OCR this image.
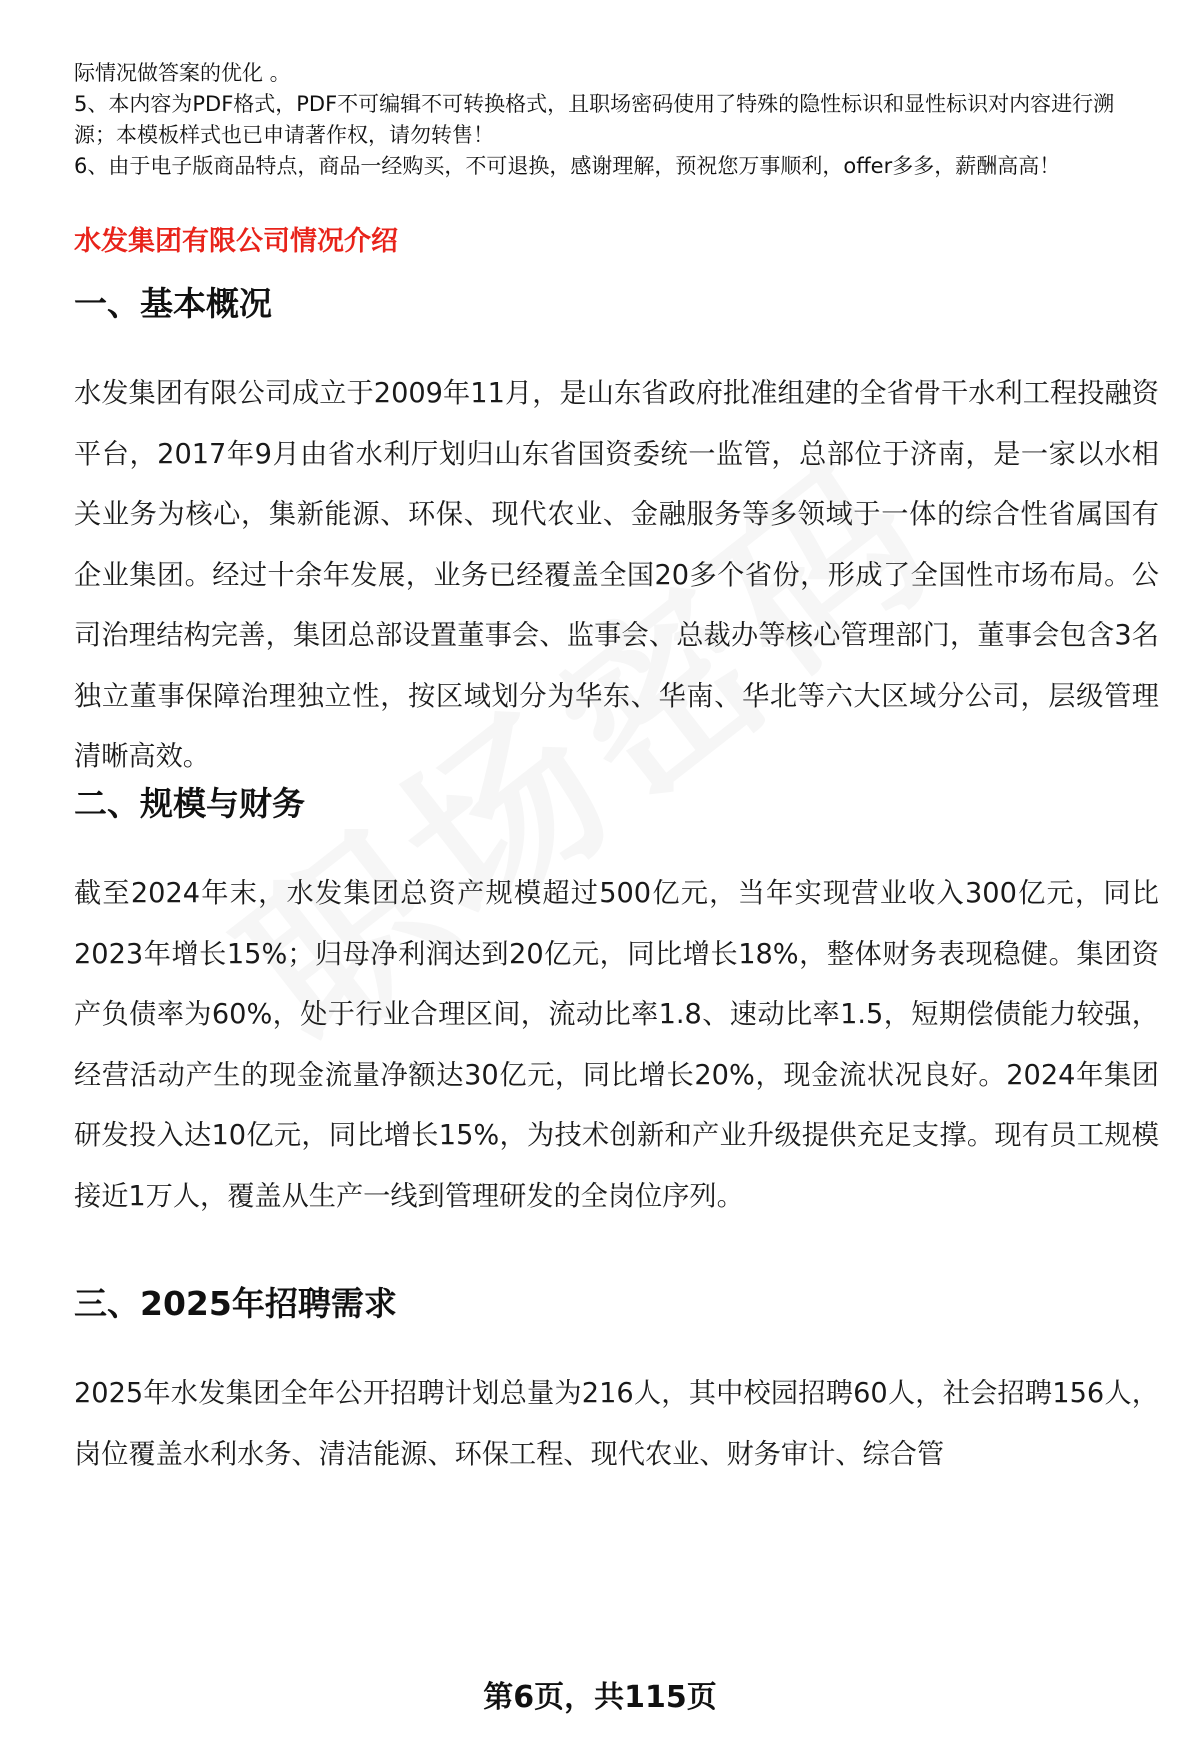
际情况做答案的优化 。

5、本内容为PDF格式，PDF不可编辑不可转换格式，且职场密码使用了特殊的隐性标识和显性标识对内容进行溯源；本模板样式也已申请著作权，请勿转售！

6、由于电子版商品特点，商品一经购买，不可退换，感谢理解，预祝您万事顺利，offer多多，薪酬高高！

水发集团有限公司情况介绍
一、基本概况

水发集团有限公司成立于2009年11月，是山东省政府批准组建的全省骨干水利工程投融资平台，2017年9月由省水利厅划归山东省国资委统一监管，总部位于济南，是一家以水相关业务为核心，集新能源、环保、现代农业、金融服务等多领域于一体的综合性省属国有企业集团。经过十余年发展，业务已经覆盖全国20多个省份，形成了全国性市场布局。公司治理结构完善，集团总部设置董事会、监事会、总裁办等核心管理部门，董事会包含3名独立董事保障治理独立性，按区域划分为华东、华南、华北等六大区域分公司，层级管理清晰高效。

二、规模与财务

截至2024年末，水发集团总资产规模超过500亿元，当年实现营业收入300亿元，同比2023年增长15%；归母净利润达到20亿元，同比增长18%，整体财务表现稳健。集团资产负债率为60%，处于行业合理区间，流动比率1.8、速动比率1.5，短期偿债能力较强，经营活动产生的现金流量净额达30亿元，同比增长20%，现金流状况良好。2024年集团研发投入达10亿元，同比增长15%，为技术创新和产业升级提供充足支撑。现有员工规模接近1万人，覆盖从生产一线到管理研发的全岗位序列。

三、2025年招聘需求

2025年水发集团全年公开招聘计划总量为216人，其中校园招聘60人，社会招聘156人，岗位覆盖水利水务、清洁能源、环保工程、现代农业、财务审计、综合管

第6页，共115页
